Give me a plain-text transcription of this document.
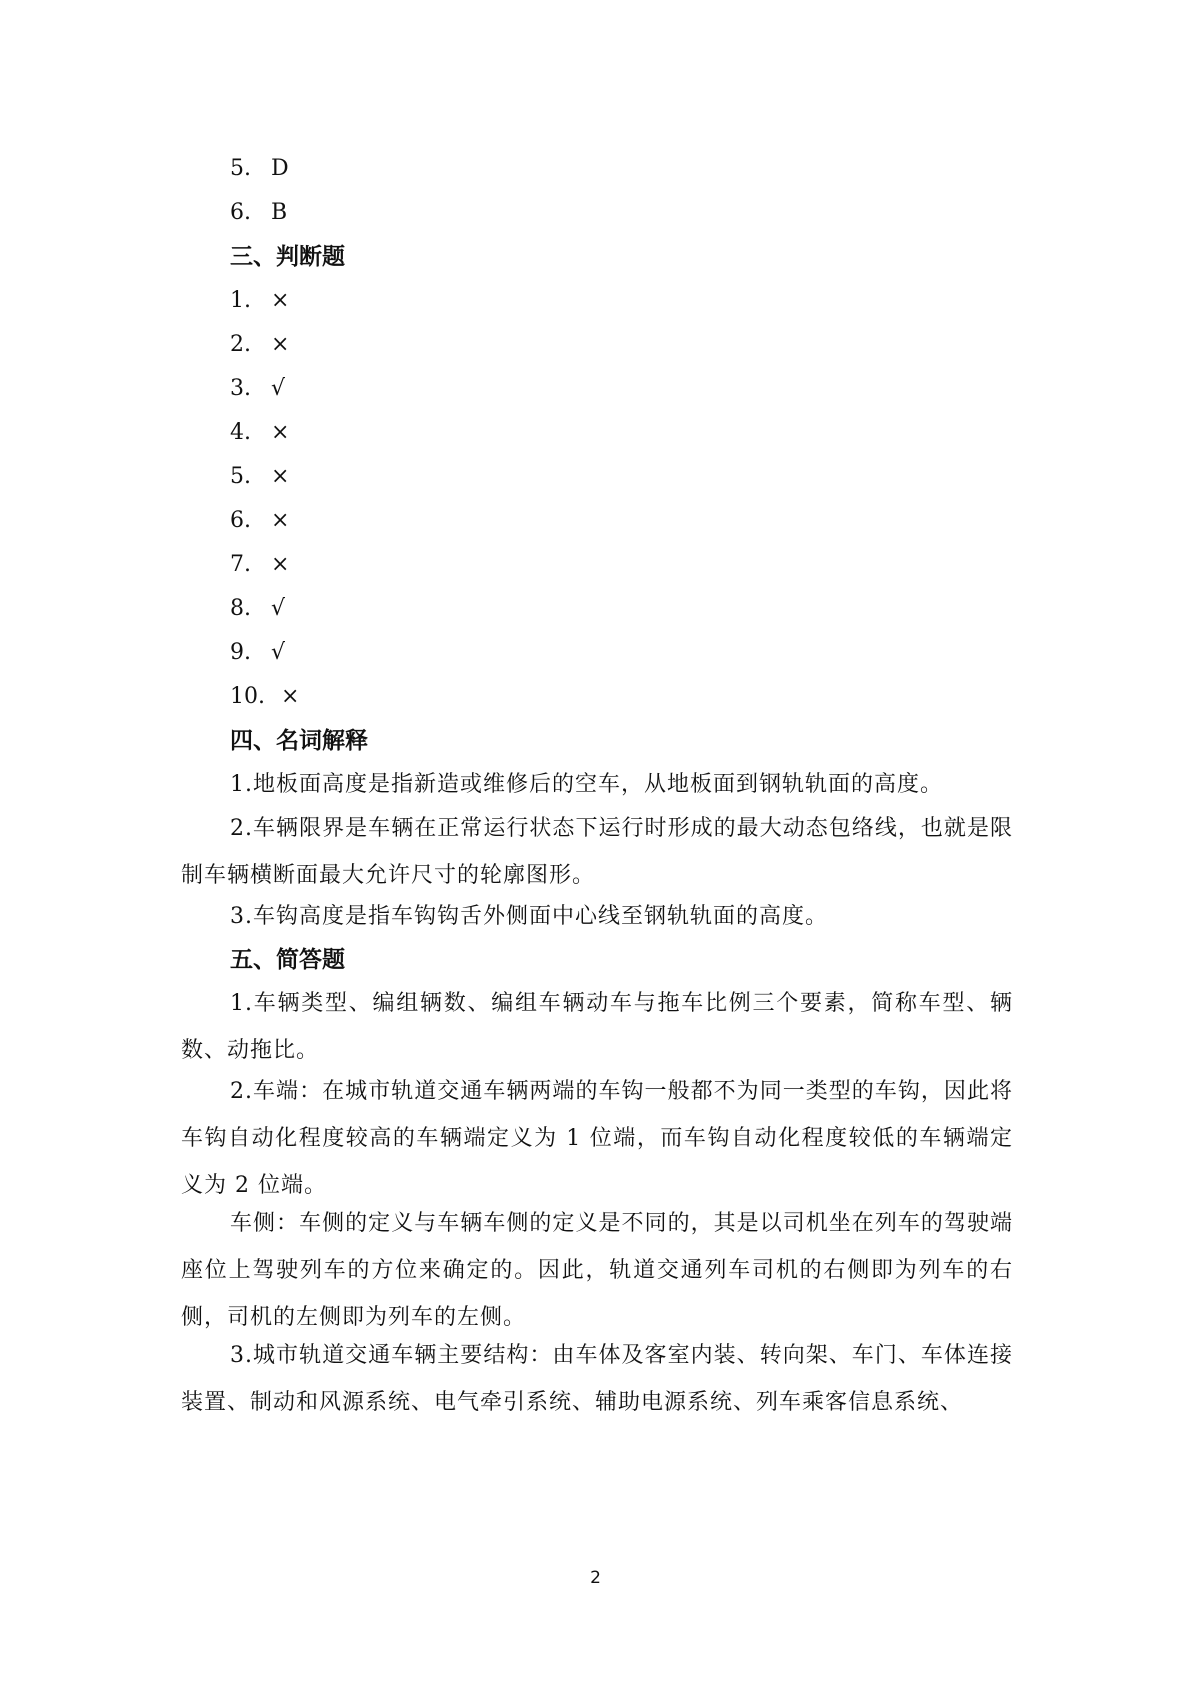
5. D
6. B
三、判断题
1. ×
2. ×
3. √
4. ×
5. ×
6. ×
7. ×
8. √
9. √
10. ×
四、名词解释
1.地板面高度是指新造或维修后的空车，从地板面到钢轨轨面的高度。
2.车辆限界是车辆在正常运行状态下运行时形成的最大动态包络线，也就是限制车辆横断面最大允许尺寸的轮廓图形。
3.车钩高度是指车钩钩舌外侧面中心线至钢轨轨面的高度。
五、简答题
1.车辆类型、编组辆数、编组车辆动车与拖车比例三个要素，简称车型、辆数、动拖比。
2.车端：在城市轨道交通车辆两端的车钩一般都不为同一类型的车钩，因此将车钩自动化程度较高的车辆端定义为 1 位端，而车钩自动化程度较低的车辆端定义为 2 位端。
车侧：车侧的定义与车辆车侧的定义是不同的，其是以司机坐在列车的驾驶端座位上驾驶列车的方位来确定的。因此，轨道交通列车司机的右侧即为列车的右侧，司机的左侧即为列车的左侧。
3.城市轨道交通车辆主要结构：由车体及客室内装、转向架、车门、车体连接装置、制动和风源系统、电气牵引系统、辅助电源系统、列车乘客信息系统、
2
